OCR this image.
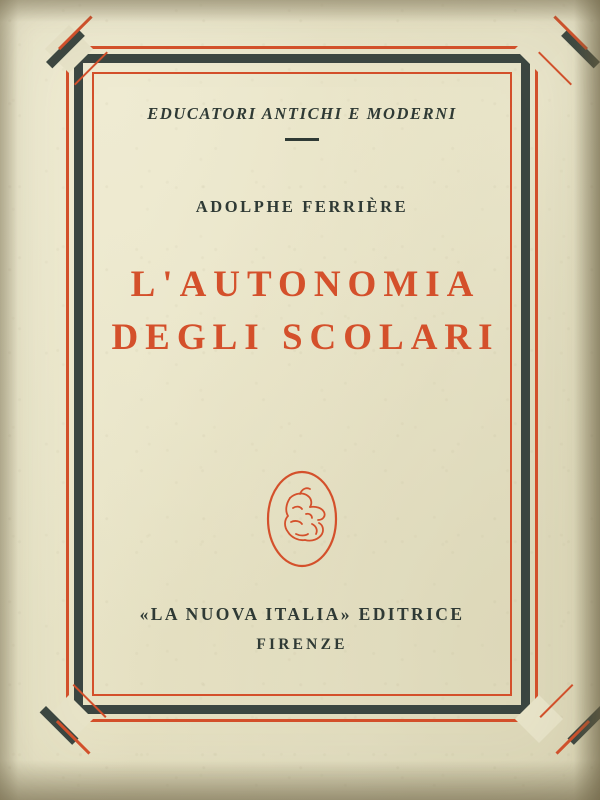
EDUCATORI ANTICHI E MODERNI
ADOLPHE FERRIÈRE
L'AUTONOMIA
DEGLI SCOLARI
«LA NUOVA ITALIA» EDITRICE
FIRENZE
